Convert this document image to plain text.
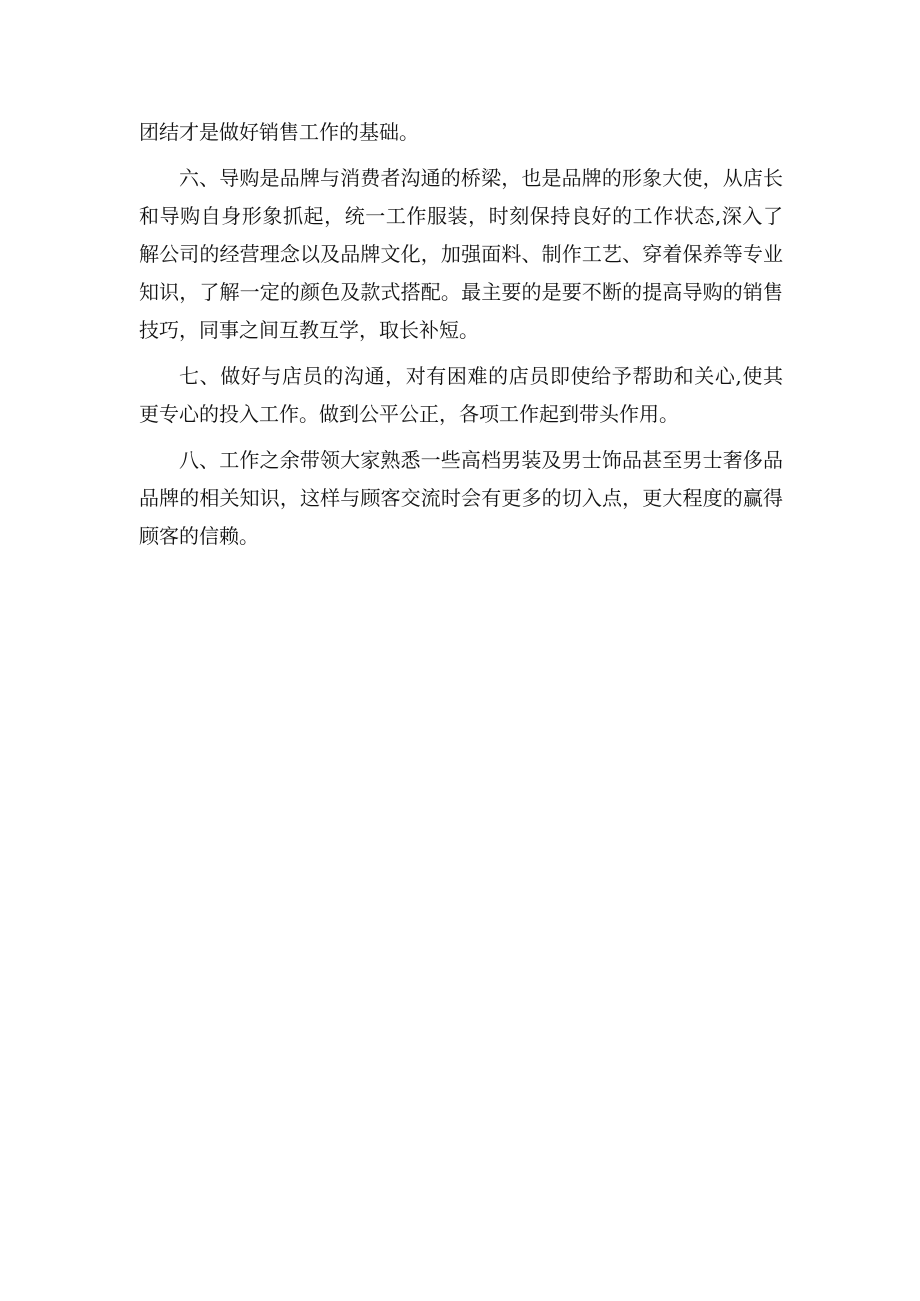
团结才是做好销售工作的基础。

六、导购是品牌与消费者沟通的桥梁，也是品牌的形象大使，从店长和导购自身形象抓起，统一工作服装，时刻保持良好的工作状态,深入了解公司的经营理念以及品牌文化，加强面料、制作工艺、穿着保养等专业知识，了解一定的颜色及款式搭配。最主要的是要不断的提高导购的销售技巧，同事之间互教互学，取长补短。

七、做好与店员的沟通，对有困难的店员即使给予帮助和关心,使其更专心的投入工作。做到公平公正，各项工作起到带头作用。

八、工作之余带领大家熟悉一些高档男装及男士饰品甚至男士奢侈品品牌的相关知识，这样与顾客交流时会有更多的切入点，更大程度的赢得顾客的信赖。
